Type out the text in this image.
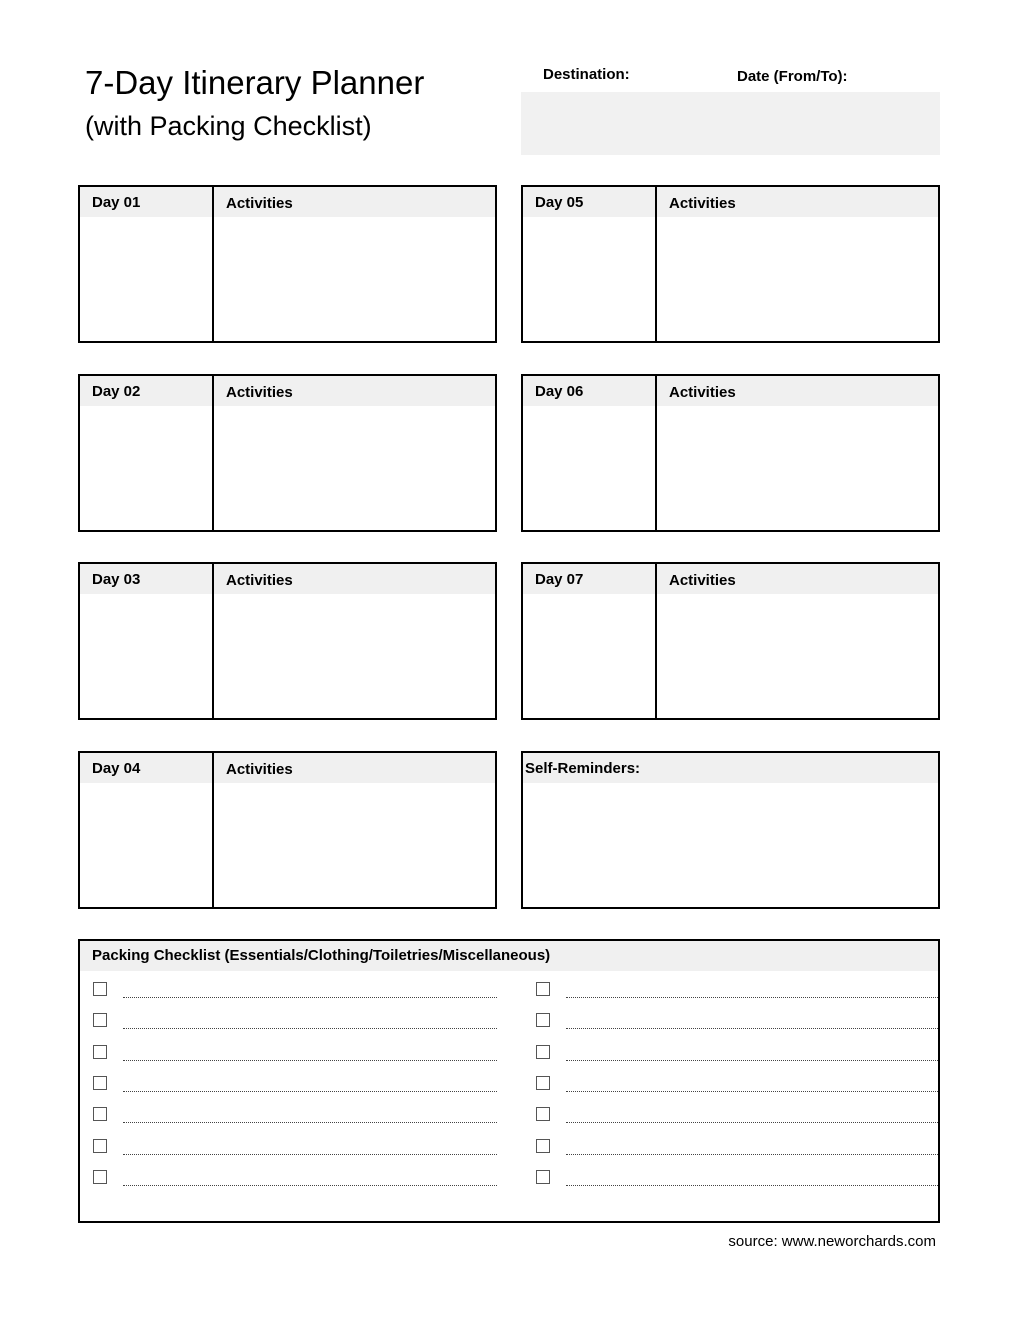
7-Day Itinerary Planner
(with Packing Checklist)
Destination:	Date (From/To):
Day 01	Activities
Day 02	Activities
Day 03	Activities
Day 04	Activities
Day 05	Activities
Day 06	Activities
Day 07	Activities
Self-Reminders:
Packing Checklist (Essentials/Clothing/Toiletries/Miscellaneous)
source: www.neworchards.com
